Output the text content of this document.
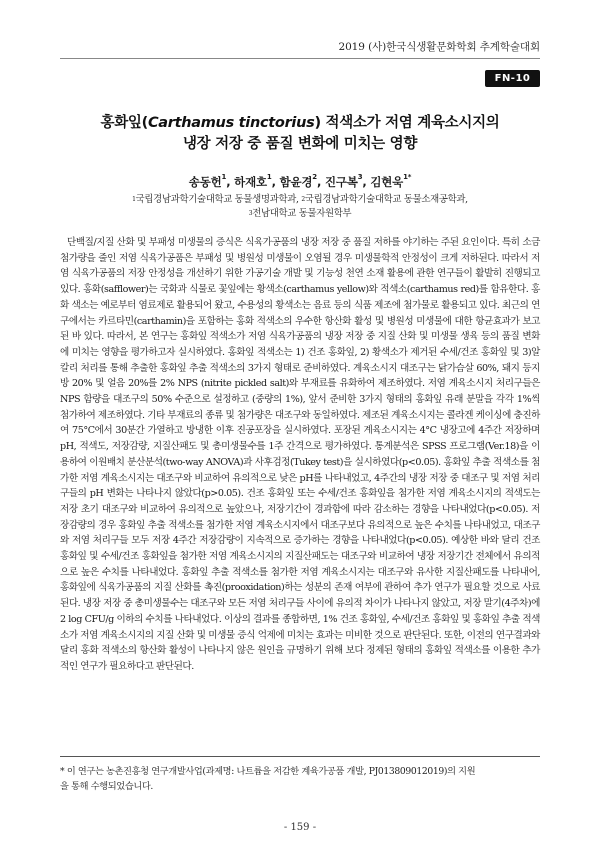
2019 (사)한국식생활문화학회 추계학술대회
FN-10
홍화잎(Carthamus tinctorius) 적색소가 저염 계육소시지의
냉장 저장 중 품질 변화에 미치는 영향
송동헌$^1$, 하재호$^1$, 함윤경$^2$, 진구복$^3$, 김현욱$^{1*}$
$^1$국립경남과학기술대학교 동물생명과학과, $^2$국립경남과학기술대학교 동물소재공학과,
$^3$전남대학교 동물자원학부

단백질/지질 산화 및 부패성 미생물의 증식은 식육가공품의 냉장 저장 중 품질 저하를 야기하는 주된 요인이다. 특히 소금 첨가량을 줄인 저염 식육가공품은 부패성 및 병원성 미생물이 오염될 경우 미생물학적 안정성이 크게 저하된다. 따라서 저염 식육가공품의 저장 안정성을 개선하기 위한 가공기술 개발 및 기능성 천연 소재 활용에 관한 연구들이 활발히 진행되고 있다. 홍화(safflower)는 국화과 식물로 꽃잎에는 황색소(carthamus yellow)와 적색소(carthamus red)를 함유한다. 홍화 색소는 예로부터 염료제로 활용되어 왔고, 수용성의 황색소는 음료 등의 식품 제조에 첨가물로 활용되고 있다. 최근의 연구에서는 카르타민(carthamin)을 포함하는 홍화 적색소의 우수한 항산화 활성 및 병원성 미생물에 대한 항균효과가 보고된 바 있다. 따라서, 본 연구는 홍화잎 적색소가 저염 식육가공품의 냉장 저장 중 지질 산화 및 미생물 생육 등의 품질 변화에 미치는 영향을 평가하고자 실시하였다. 홍화잎 적색소는 1) 건조 홍화잎, 2) 황색소가 제거된 수세/건조 홍화잎 및 3)알칼리 처리를 통해 추출한 홍화잎 추출 적색소의 3가지 형태로 준비하였다. 계육소시지 대조구는 닭가슴살 60%, 돼지 등지방 20% 및 얼음 20%를 2% NPS (nitrite pickled salt)와 부재료를 유화하여 제조하였다. 저염 계육소시지 처리구들은 NPS 함량을 대조구의 50% 수준으로 설정하고 (중량의 1%), 앞서 준비한 3가지 형태의 홍화잎 유래 분말을 각각 1%씩 첨가하여 제조하였다. 기타 부재료의 종류 및 첨가량은 대조구와 동일하였다. 제조된 계육소시지는 콜라겐 케이싱에 충진하여 75°C에서 30분간 가열하고 방냉한 이후 진공포장을 실시하였다. 포장된 계육소시지는 4°C 냉장고에 4주간 저장하며 pH, 적색도, 저장감량, 지질산패도 및 총미생물수를 1주 간격으로 평가하였다. 통계분석은 SPSS 프로그램(Ver.18)을 이용하여 이원배치 분산분석(two-way ANOVA)과 사후검정(Tukey test)을 실시하였다(p<0.05). 홍화잎 추출 적색소를 첨가한 저염 계육소시지는 대조구와 비교하여 유의적으로 낮은 pH를 나타내었고, 4주간의 냉장 저장 중 대조구 및 저염 처리구들의 pH 변화는 나타나지 않았다(p>0.05). 건조 홍화잎 또는 수세/건조 홍화잎을 첨가한 저염 계육소시지의 적색도는 저장 초기 대조구와 비교하여 유의적으로 높았으나, 저장기간이 경과함에 따라 감소하는 경향을 나타내었다(p<0.05). 저장감량의 경우 홍화잎 추출 적색소를 첨가한 저염 계육소시지에서 대조구보다 유의적으로 높은 수치를 나타내었고, 대조구와 저염 처리구들 모두 저장 4주간 저장감량이 지속적으로 증가하는 경향을 나타내었다(p<0.05). 예상한 바와 달리 건조 홍화잎 및 수세/건조 홍화잎을 첨가한 저염 계육소시지의 지질산패도는 대조구와 비교하여 냉장 저장기간 전체에서 유의적으로 높은 수치를 나타내었다. 홍화잎 추출 적색소를 첨가한 저염 계육소시지는 대조구와 유사한 지질산패도를 나타내어, 홍화잎에 식육가공품의 지질 산화를 촉진(prooxidation)하는 성분의 존재 여부에 관하여 추가 연구가 필요할 것으로 사료된다. 냉장 저장 중 총미생물수는 대조구와 모든 저염 처리구들 사이에 유의적 차이가 나타나지 않았고, 저장 말기(4주차)에 2 log CFU/g 이하의 수치를 나타내었다. 이상의 결과를 종합하면, 1% 건조 홍화잎, 수세/건조 홍화잎 및 홍화잎 추출 적색소가 저염 계육소시지의 지질 산화 및 미생물 증식 억제에 미치는 효과는 미비한 것으로 판단된다. 또한, 이전의 연구결과와 달리 홍화 적색소의 항산화 활성이 나타나지 않은 원인을 규명하기 위해 보다 정제된 형태의 홍화잎 적색소를 이용한 추가적인 연구가 필요하다고 판단된다.

* 이 연구는 농촌진흥청 연구개발사업(과제명: 나트륨을 저감한 계육가공품 개발, PJ013809012019)의 지원
을 통해 수행되었습니다.
- 159 -
